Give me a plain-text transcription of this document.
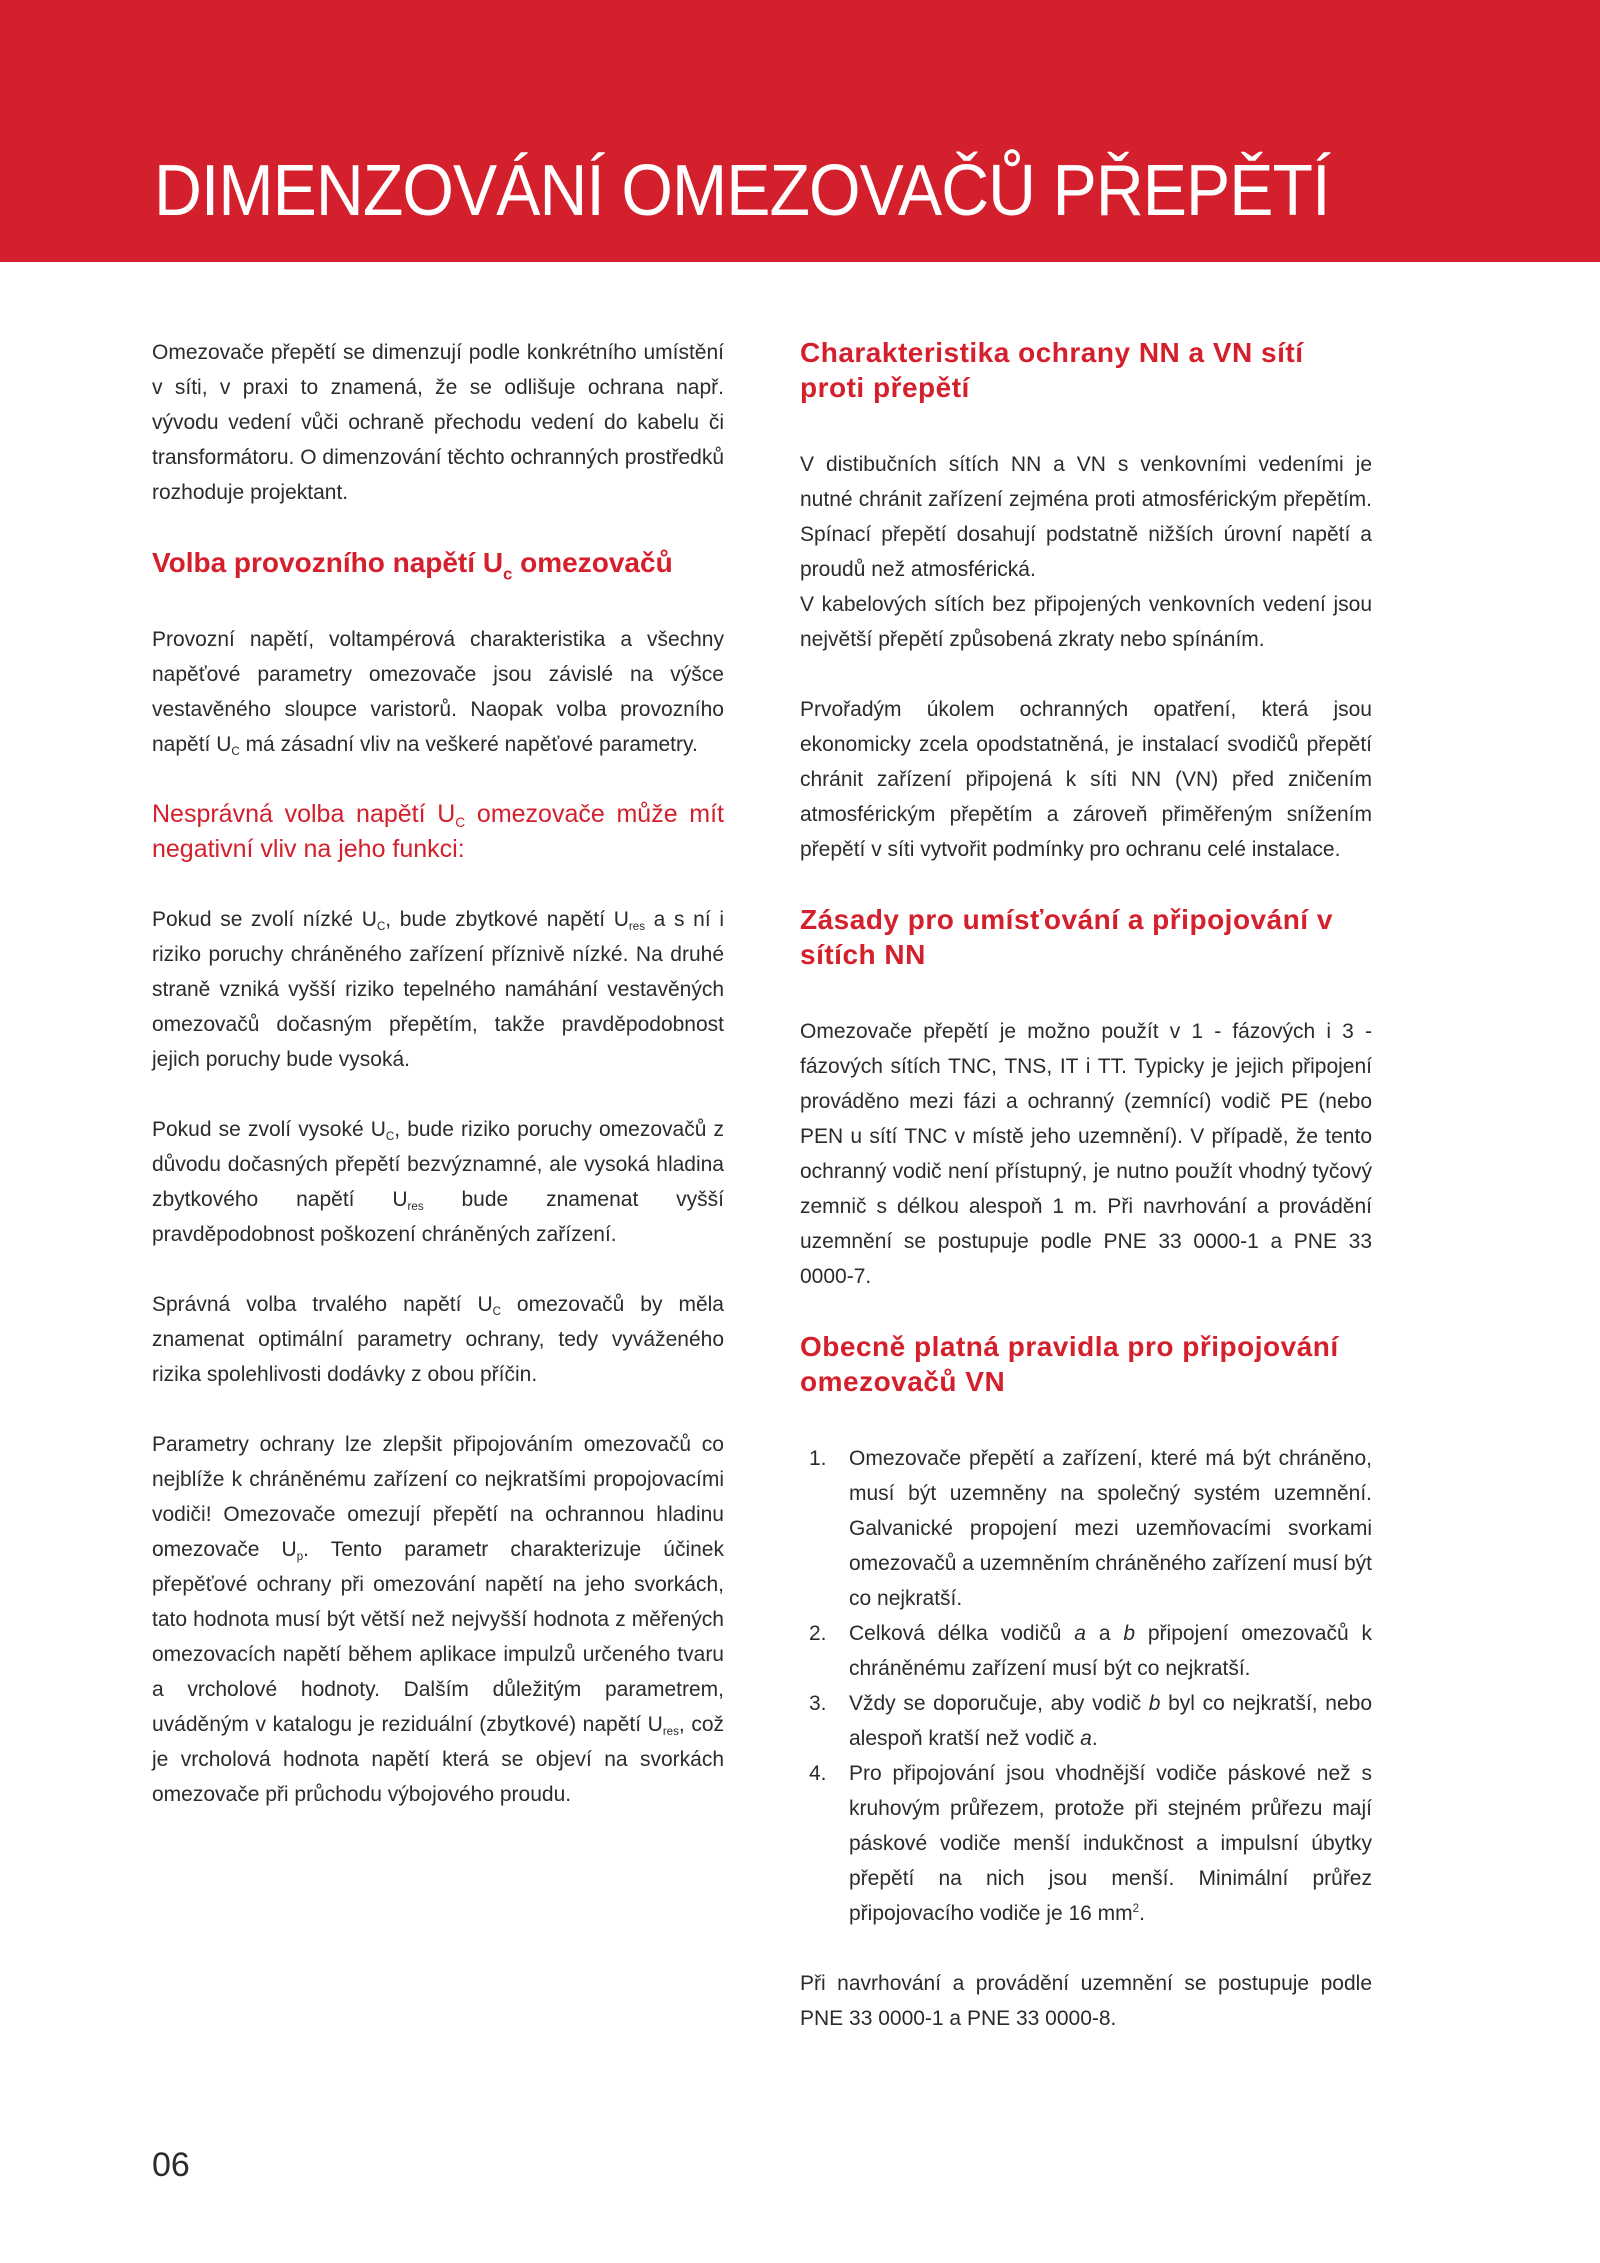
DIMENZOVÁNÍ OMEZOVAČŮ PŘEPĚTÍ

Omezovače přepětí se dimenzují podle konkrétního umístění v síti, v praxi to znamená, že se odlišuje ochrana např. vývodu vedení vůči ochraně přechodu vedení do kabelu či transformátoru. O dimenzování těchto ochranných prostředků rozhoduje projektant.

Volba provozního napětí $U_c$ omezovačů

Provozní napětí, voltampérová charakteristika a všechny napěťové parametry omezovače jsou závislé na výšce vestavěného sloupce varistorů. Naopak volba provozního napětí $U_C$ má zásadní vliv na veškeré napěťové parametry.

Nesprávná volba napětí $U_C$ omezovače může mít negativní vliv na jeho funkci:

Pokud se zvolí nízké $U_C$, bude zbytkové napětí $U_{res}$ a s ní i riziko poruchy chráněného zařízení příznivě nízké. Na druhé straně vzniká vyšší riziko tepelného namáhání vestavěných omezovačů dočasným přepětím, takže pravděpodobnost jejich poruchy bude vysoká.

Pokud se zvolí vysoké $U_C$, bude riziko poruchy omezovačů z důvodu dočasných přepětí bezvýznamné, ale vysoká hladina zbytkového napětí $U_{res}$ bude znamenat vyšší pravděpodobnost poškození chráněných zařízení.

Správná volba trvalého napětí $U_C$ omezovačů by měla znamenat optimální parametry ochrany, tedy vyváženého rizika spolehlivosti dodávky z obou příčin.

Parametry ochrany lze zlepšit připojováním omezovačů co nejblíže k chráněnému zařízení co nejkratšími propojovacími vodiči! Omezovače omezují přepětí na ochrannou hladinu omezovače $U_p$. Tento parametr charakterizuje účinek přepěťové ochrany při omezování napětí na jeho svorkách, tato hodnota musí být větší než nejvyšší hodnota z měřených omezovacích napětí během aplikace impulzů určeného tvaru a vrcholové hodnoty. Dalším důležitým parametrem, uváděným v katalogu je reziduální (zbytkové) napětí $U_{res}$, což je vrcholová hodnota napětí která se objeví na svorkách omezovače při průchodu výbojového proudu.

Charakteristika ochrany NN a VN sítí proti přepětí

V distibučních sítích NN a VN s venkovními vedeními je nutné chránit zařízení zejména proti atmosférickým přepětím. Spínací přepětí dosahují podstatně nižších úrovní napětí a proudů než atmosférická.

V kabelových sítích bez připojených venkovních vedení jsou největší přepětí způsobená zkraty nebo spínáním.

Prvořadým úkolem ochranných opatření, která jsou ekonomicky zcela opodstatněná, je instalací svodičů přepětí chránit zařízení připojená k síti NN (VN) před zničením atmosférickým přepětím a zároveň přiměřeným snížením přepětí v síti vytvořit podmínky pro ochranu celé instalace.

Zásady pro umísťování a připojování v sítích NN

Omezovače přepětí je možno použít v 1 - fázových i 3 - fázových sítích TNC, TNS, IT i TT. Typicky je jejich připojení prováděno mezi fázi a ochranný (zemnící) vodič PE (nebo PEN u sítí TNC v místě jeho uzemnění). V případě, že tento ochranný vodič není přístupný, je nutno použít vhodný tyčový zemnič s délkou alespoň 1 m. Při navrhování a provádění uzemnění se postupuje podle PNE 33 0000-1 a PNE 33 0000-7.

Obecně platná pravidla pro připojování omezovačů VN
1. Omezovače přepětí a zařízení, které má být chráněno, musí být uzemněny na společný systém uzemnění. Galvanické propojení mezi uzemňovacími svorkami omezovačů a uzemněním chráněného zařízení musí být co nejkratší.
2. Celková délka vodičů a a b připojení omezovačů k chráněnému zařízení musí být co nejkratší.
3. Vždy se doporučuje, aby vodič b byl co nejkratší, nebo alespoň kratší než vodič a.
4. Pro připojování jsou vhodnější vodiče páskové než s kruhovým průřezem, protože při stejném průřezu mají páskové vodiče menší indukčnost a impulsní úbytky přepětí na nich jsou menší. Minimální průřez připojovacího vodiče je 16 $mm^2$.

Při navrhování a provádění uzemnění se postupuje podle PNE 33 0000-1 a PNE 33 0000-8.

06
